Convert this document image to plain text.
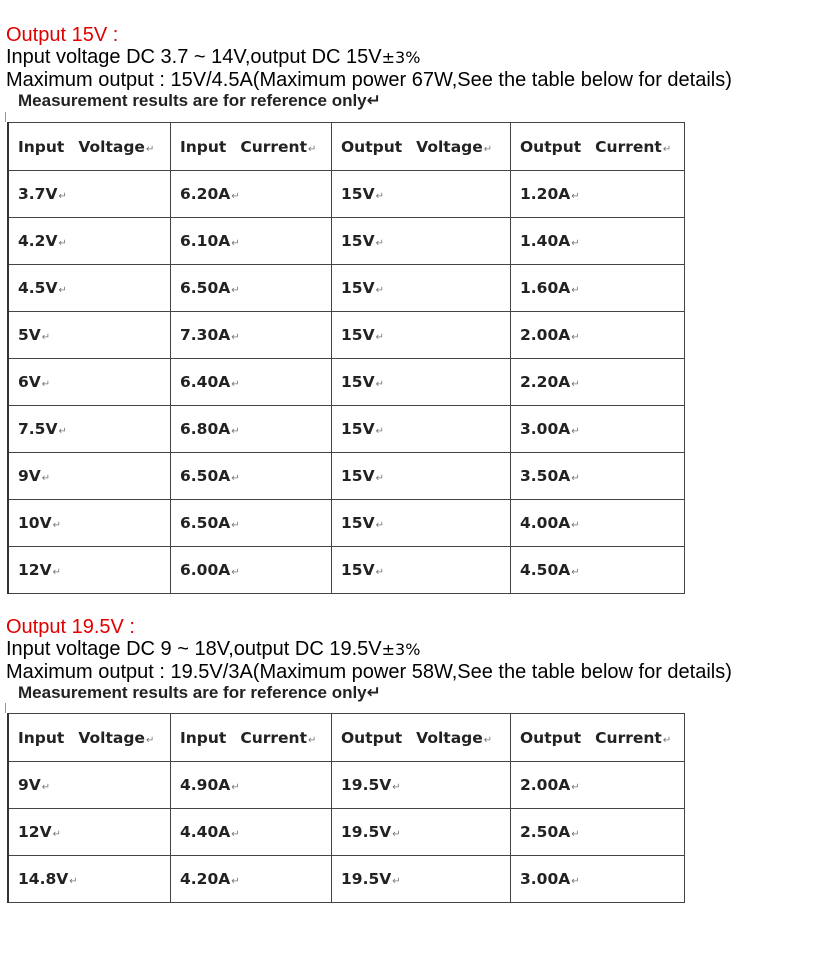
Output 15V :
Input voltage DC 3.7 ~ 14V,output DC 15V±3%
Maximum output : 15V/4.5A(Maximum power 67W,See the table below for details)
Measurement results are for reference only↵
Input Voltage↵	Input Current↵	Output Voltage↵	Output Current↵
3.7V↵	6.20A↵	15V↵	1.20A↵
4.2V↵	6.10A↵	15V↵	1.40A↵
4.5V↵	6.50A↵	15V↵	1.60A↵
5V↵	7.30A↵	15V↵	2.00A↵
6V↵	6.40A↵	15V↵	2.20A↵
7.5V↵	6.80A↵	15V↵	3.00A↵
9V↵	6.50A↵	15V↵	3.50A↵
10V↵	6.50A↵	15V↵	4.00A↵
12V↵	6.00A↵	15V↵	4.50A↵
Output 19.5V :
Input voltage DC 9 ~ 18V,output DC 19.5V±3%
Maximum output : 19.5V/3A(Maximum power 58W,See the table below for details)
Measurement results are for reference only↵
Input Voltage↵	Input Current↵	Output Voltage↵	Output Current↵
9V↵	4.90A↵	19.5V↵	2.00A↵
12V↵	4.40A↵	19.5V↵	2.50A↵
14.8V↵	4.20A↵	19.5V↵	3.00A↵
